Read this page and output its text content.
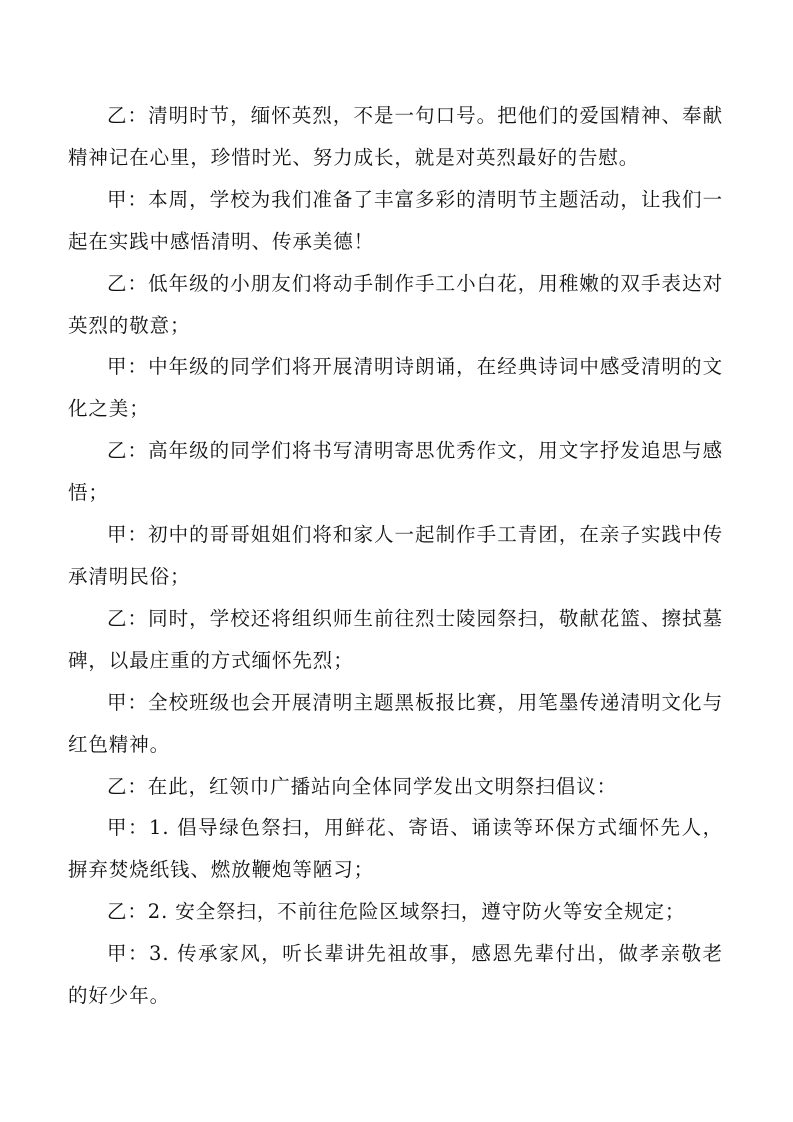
乙：清明时节，缅怀英烈，不是一句口号。把他们的爱国精神、奉献精神记在心里，珍惜时光、努力成长，就是对英烈最好的告慰。

甲：本周，学校为我们准备了丰富多彩的清明节主题活动，让我们一起在实践中感悟清明、传承美德！

乙：低年级的小朋友们将动手制作手工小白花，用稚嫩的双手表达对英烈的敬意；

甲：中年级的同学们将开展清明诗朗诵，在经典诗词中感受清明的文化之美；

乙：高年级的同学们将书写清明寄思优秀作文，用文字抒发追思与感悟；

甲：初中的哥哥姐姐们将和家人一起制作手工青团，在亲子实践中传承清明民俗；

乙：同时，学校还将组织师生前往烈士陵园祭扫，敬献花篮、擦拭墓碑，以最庄重的方式缅怀先烈；

甲：全校班级也会开展清明主题黑板报比赛，用笔墨传递清明文化与红色精神。

乙：在此，红领巾广播站向全体同学发出文明祭扫倡议：

甲：1. 倡导绿色祭扫，用鲜花、寄语、诵读等环保方式缅怀先人，摒弃焚烧纸钱、燃放鞭炮等陋习；

乙：2. 安全祭扫，不前往危险区域祭扫，遵守防火等安全规定；

甲：3. 传承家风，听长辈讲先祖故事，感恩先辈付出，做孝亲敬老的好少年。
